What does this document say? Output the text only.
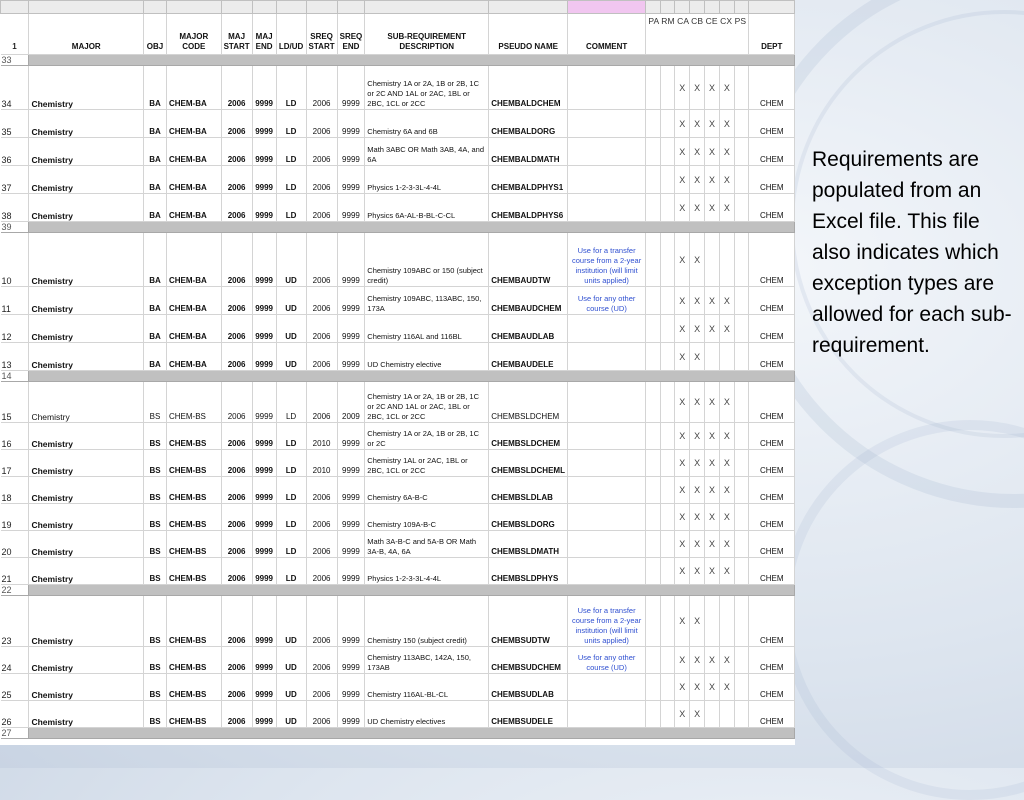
1	MAJOR	OBJ	MAJOR CODE	MAJ START	MAJ END	LD/UD	SREQ START	SREQ END	SUB-REQUIREMENT DESCRIPTION	PSEUDO NAME	COMMENT	PA RM CA CB CE CX PS							DEPT
33																			
34	Chemistry	BA	CHEM-BA	2006	9999	LD	2006	9999	Chemistry 1A or 2A, 1B or 2B, 1C or 2C AND 1AL or 2AC, 1BL or 2BC, 1CL or 2CC	CHEMBALDCHEM				X	X	X	X		CHEM
35	Chemistry	BA	CHEM-BA	2006	9999	LD	2006	9999	Chemistry 6A and 6B	CHEMBALDORG				X	X	X	X		CHEM
36	Chemistry	BA	CHEM-BA	2006	9999	LD	2006	9999	Math 3ABC OR Math 3AB, 4A, and 6A	CHEMBALDMATH				X	X	X	X		CHEM
37	Chemistry	BA	CHEM-BA	2006	9999	LD	2006	9999	Physics 1-2-3-3L-4-4L	CHEMBALDPHYS1				X	X	X	X		CHEM
38	Chemistry	BA	CHEM-BA	2006	9999	LD	2006	9999	Physics 6A-AL-B-BL-C-CL	CHEMBALDPHYS6				X	X	X	X		CHEM
39																			
10	Chemistry	BA	CHEM-BA	2006	9999	UD	2006	9999	Chemistry 109ABC or 150 (subject credit)	CHEMBAUDTW	Use for a transfer course from a 2-year institution (will limit units applied)			X	X				CHEM
11	Chemistry	BA	CHEM-BA	2006	9999	UD	2006	9999	Chemistry 109ABC, 113ABC, 150, 173A	CHEMBAUDCHEM	Use for any other course (UD)			X	X	X	X		CHEM
12	Chemistry	BA	CHEM-BA	2006	9999	UD	2006	9999	Chemistry 116AL and 116BL	CHEMBAUDLAB				X	X	X	X		CHEM
13	Chemistry	BA	CHEM-BA	2006	9999	UD	2006	9999	UD Chemistry elective	CHEMBAUDELE				X	X				CHEM
14																			
15	Chemistry	BS	CHEM-BS	2006	9999	LD	2006	2009	Chemistry 1A or 2A, 1B or 2B, 1C or 2C AND 1AL or 2AC, 1BL or 2BC, 1CL or 2CC	CHEMBSLDCHEM				X	X	X	X		CHEM
16	Chemistry	BS	CHEM-BS	2006	9999	LD	2010	9999	Chemistry 1A or 2A, 1B or 2B, 1C or 2C	CHEMBSLDCHEM				X	X	X	X		CHEM
17	Chemistry	BS	CHEM-BS	2006	9999	LD	2010	9999	Chemistry 1AL or 2AC, 1BL or 2BC, 1CL or 2CC	CHEMBSLDCHEML				X	X	X	X		CHEM
18	Chemistry	BS	CHEM-BS	2006	9999	LD	2006	9999	Chemistry 6A-B-C	CHEMBSLDLAB				X	X	X	X		CHEM
19	Chemistry	BS	CHEM-BS	2006	9999	LD	2006	9999	Chemistry 109A-B-C	CHEMBSLDORG				X	X	X	X		CHEM
20	Chemistry	BS	CHEM-BS	2006	9999	LD	2006	9999	Math 3A-B-C and 5A-B OR Math 3A-B, 4A, 6A	CHEMBSLDMATH				X	X	X	X		CHEM
21	Chemistry	BS	CHEM-BS	2006	9999	LD	2006	9999	Physics 1-2-3-3L-4-4L	CHEMBSLDPHYS				X	X	X	X		CHEM
22																			
23	Chemistry	BS	CHEM-BS	2006	9999	UD	2006	9999	Chemistry 150 (subject credit)	CHEMBSUDTW	Use for a transfer course from a 2-year institution (will limit units applied)			X	X				CHEM
24	Chemistry	BS	CHEM-BS	2006	9999	UD	2006	9999	Chemistry 113ABC, 142A, 150, 173AB	CHEMBSUDCHEM	Use for any other course (UD)			X	X	X	X		CHEM
25	Chemistry	BS	CHEM-BS	2006	9999	UD	2006	9999	Chemistry 116AL-BL-CL	CHEMBSUDLAB				X	X	X	X		CHEM
26	Chemistry	BS	CHEM-BS	2006	9999	UD	2006	9999	UD Chemistry electives	CHEMBSUDELE				X	X				CHEM
27																			

Requirements are populated from an Excel file. This file also indicates which exception types are allowed for each sub-requirement.
